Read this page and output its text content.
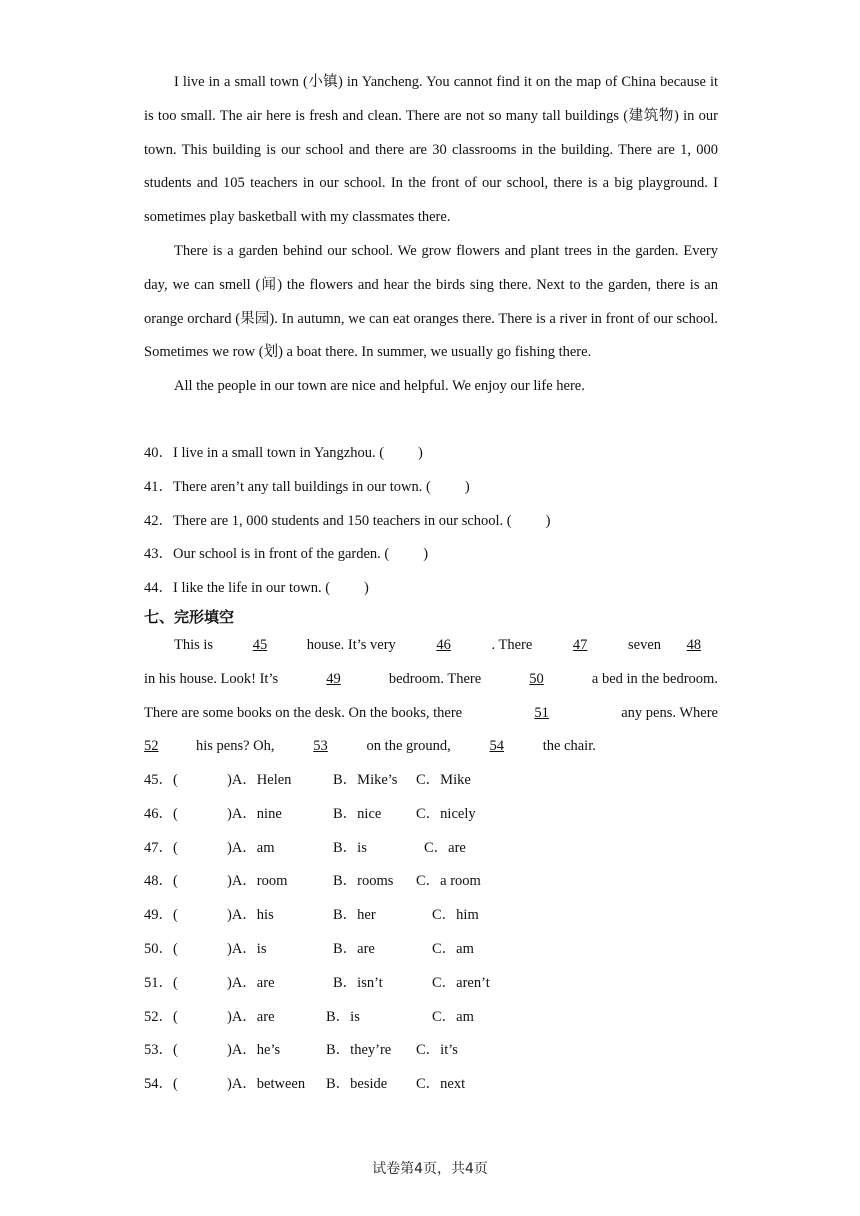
I live in a small town (小镇) in Yancheng. You cannot find it on the map of China because it is too small. The air here is fresh and clean. There are not so many tall buildings (建筑物) in our town. This building is our school and there are 30 classrooms in the building. There are 1, 000 students and 105 teachers in our school. In the front of our school, there is a big playground. I sometimes play basketball with my classmates there.

There is a garden behind our school. We grow flowers and plant trees in the garden. Every day, we can smell (闻) the flowers and hear the birds sing there. Next to the garden, there is an orange orchard (果园). In autumn, we can eat oranges there. There is a river in front of our school. Sometimes we row (划) a boat there. In summer, we usually go fishing there.

All the people in our town are nice and helpful. We enjoy our life here.

40．I live in a small town in Yangzhou. ( )
41．There aren’t any tall buildings in our town. ( )
42．There are 1, 000 students and 150 teachers in our school. ( )
43．Our school is in front of the garden. ( )
44．I like the life in our town. ( )
七、完形填空
This is	45	house. It’s very	46	. There	47	seven	48
in his house. Look! It’s	49	bedroom. There	50	a bed in the bedroom.
There are some books on the desk. On the books, there	51	any pens. Where
52	his pens? Oh,	53	on the ground,	54	the chair.
45．(	)A．Helen	B．Mike’s C．Mike
46．(	)A．nine	B．nice C．nicely
47．(	)A．am	B．is	C．are
48．(	)A．room	B．rooms C．a room
49．(	)A．his	B．her	C．him
50．(	)A．is	B．are	C．am
51．(	)A．are	B．isn’t	C．aren’t
52．(	)A．are	B．is	C．am
53．(	)A．he’s	B．they’re C．it’s
54．(	)A．between B．beside C．next
试卷第4页，共4页
